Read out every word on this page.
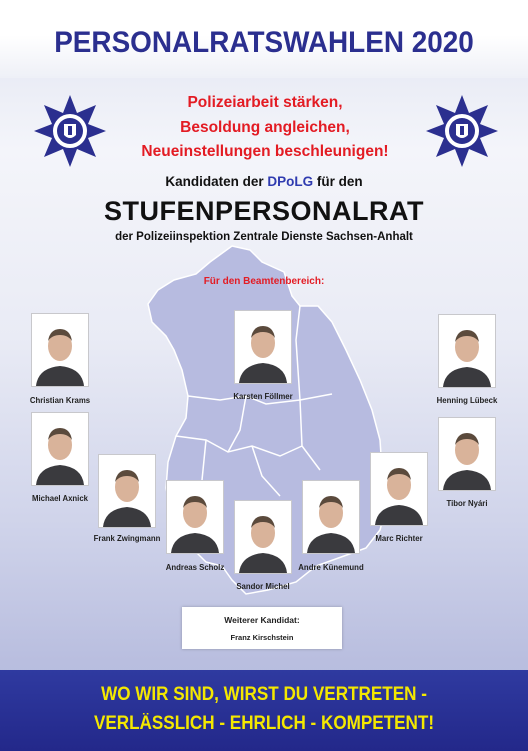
PERSONALRATSWAHLEN 2020
Polizeiarbeit stärken,
Besoldung angleichen,
Neueinstellungen beschleunigen!
Kandidaten der DPoLG für den
STUFENPERSONALRAT
der Polizeiinspektion Zentrale Dienste Sachsen-Anhalt
Für den Beamtenbereich:
Christian Krams	Karsten Föllmer	Henning Lübeck
Michael Axnick
Tibor Nyári
Frank Zwingmann	Marc Richter
Andreas Scholz	Andre Künemund
Sandor Michel
Weiterer Kandidat:
Franz Kirschstein
WO WIR SIND, WIRST DU VERTRETEN -
VERLÄSSLICH - EHRLICH - KOMPETENT!
